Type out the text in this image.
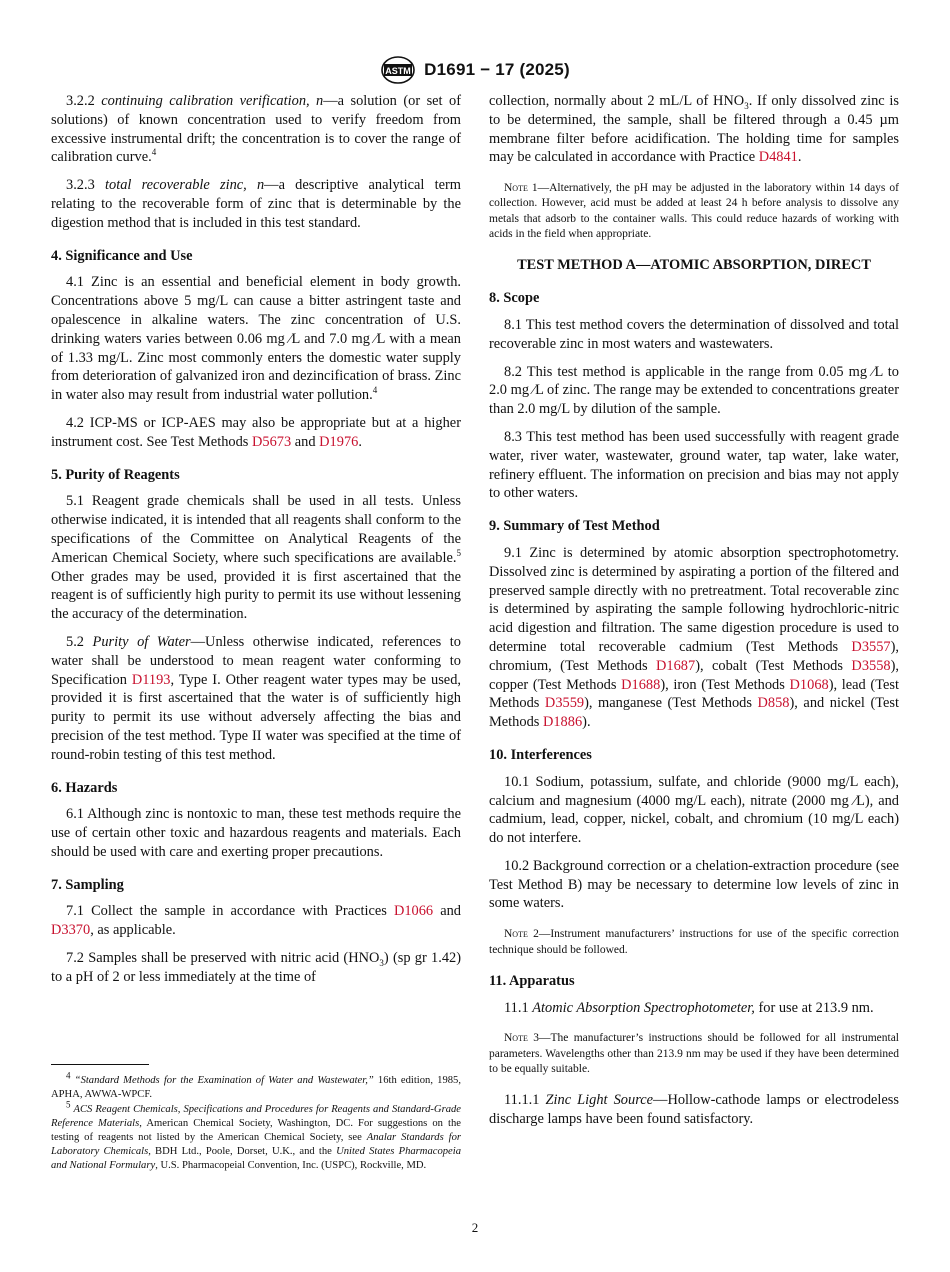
ASTM D1691 − 17 (2025)

3.2.2 continuing calibration verification, n—a solution (or set of solutions) of known concentration used to verify freedom from excessive instrumental drift; the concentration is to cover the range of calibration curve.$^4$

3.2.3 total recoverable zinc, n—a descriptive analytical term relating to the recoverable form of zinc that is determinable by the digestion method that is included in this test standard.

4. Significance and Use

4.1 Zinc is an essential and beneficial element in body growth. Concentrations above 5 mg/L can cause a bitter astringent taste and opalescence in alkaline waters. The zinc concentration of U.S. drinking waters varies between 0.06 mg ⁄L and 7.0 mg ⁄L with a mean of 1.33 mg/L. Zinc most commonly enters the domestic water supply from deterioration of galvanized iron and dezincification of brass. Zinc in water also may result from industrial water pollution.$^4$

4.2 ICP-MS or ICP-AES may also be appropriate but at a higher instrument cost. See Test Methods D5673 and D1976.

5. Purity of Reagents

5.1 Reagent grade chemicals shall be used in all tests. Unless otherwise indicated, it is intended that all reagents shall conform to the specifications of the Committee on Analytical Reagents of the American Chemical Society, where such specifications are available.$^5$ Other grades may be used, provided it is first ascertained that the reagent is of sufficiently high purity to permit its use without lessening the accuracy of the determination.

5.2 Purity of Water—Unless otherwise indicated, references to water shall be understood to mean reagent water conforming to Specification D1193, Type I. Other reagent water types may be used, provided it is first ascertained that the water is of sufficiently high purity to permit its use without adversely affecting the bias and precision of the test method. Type II water was specified at the time of round-robin testing of this test method.

6. Hazards

6.1 Although zinc is nontoxic to man, these test methods require the use of certain other toxic and hazardous reagents and materials. Each should be used with care and exerting proper precautions.

7. Sampling

7.1 Collect the sample in accordance with Practices D1066 and D3370, as applicable.

7.2 Samples shall be preserved with nitric acid $(HNO_3)$ (sp gr 1.42) to a pH of 2 or less immediately at the time of

$^4$ “Standard Methods for the Examination of Water and Wastewater,” 16th edition, 1985, APHA, AWWA-WPCF.
$^5$ ACS Reagent Chemicals, Specifications and Procedures for Reagents and Standard-Grade Reference Materials, American Chemical Society, Washington, DC. For suggestions on the testing of reagents not listed by the American Chemical Society, see Analar Standards for Laboratory Chemicals, BDH Ltd., Poole, Dorset, U.K., and the United States Pharmacopeia and National Formulary, U.S. Pharmacopeial Convention, Inc. (USPC), Rockville, MD.

collection, normally about 2 mL/L of $HNO_3$. If only dissolved zinc is to be determined, the sample, shall be filtered through a 0.45 µm membrane filter before acidification. The holding time for samples may be calculated in accordance with Practice D4841.

Note 1—Alternatively, the pH may be adjusted in the laboratory within 14 days of collection. However, acid must be added at least 24 h before analysis to dissolve any metals that adsorb to the container walls. This could reduce hazards of working with acids in the field when appropriate.
TEST METHOD A—ATOMIC ABSORPTION, DIRECT
8. Scope

8.1 This test method covers the determination of dissolved and total recoverable zinc in most waters and wastewaters.

8.2 This test method is applicable in the range from 0.05 mg ⁄L to 2.0 mg ⁄L of zinc. The range may be extended to concentrations greater than 2.0 mg/L by dilution of the sample.

8.3 This test method has been used successfully with reagent grade water, river water, wastewater, ground water, tap water, lake water, refinery effluent. The information on precision and bias may not apply to other waters.

9. Summary of Test Method

9.1 Zinc is determined by atomic absorption spectrophotometry. Dissolved zinc is determined by aspirating a portion of the filtered and preserved sample directly with no pretreatment. Total recoverable zinc is determined by aspirating the sample following hydrochloric-nitric acid digestion and filtration. The same digestion procedure is used to determine total recoverable cadmium (Test Methods D3557), chromium, (Test Methods D1687), cobalt (Test Methods D3558), copper (Test Methods D1688), iron (Test Methods D1068), lead (Test Methods D3559), manganese (Test Methods D858), and nickel (Test Methods D1886).

10. Interferences

10.1 Sodium, potassium, sulfate, and chloride (9000 mg/L each), calcium and magnesium (4000 mg/L each), nitrate (2000 mg ⁄L), and cadmium, lead, copper, nickel, cobalt, and chromium (10 mg/L each) do not interfere.

10.2 Background correction or a chelation-extraction procedure (see Test Method B) may be necessary to determine low levels of zinc in some waters.

Note 2—Instrument manufacturers’ instructions for use of the specific correction technique should be followed.
11. Apparatus

11.1 Atomic Absorption Spectrophotometer, for use at 213.9 nm.

Note 3—The manufacturer’s instructions should be followed for all instrumental parameters. Wavelengths other than 213.9 nm may be used if they have been determined to be equally suitable.

11.1.1 Zinc Light Source—Hollow-cathode lamps or electrodeless discharge lamps have been found satisfactory.

2
